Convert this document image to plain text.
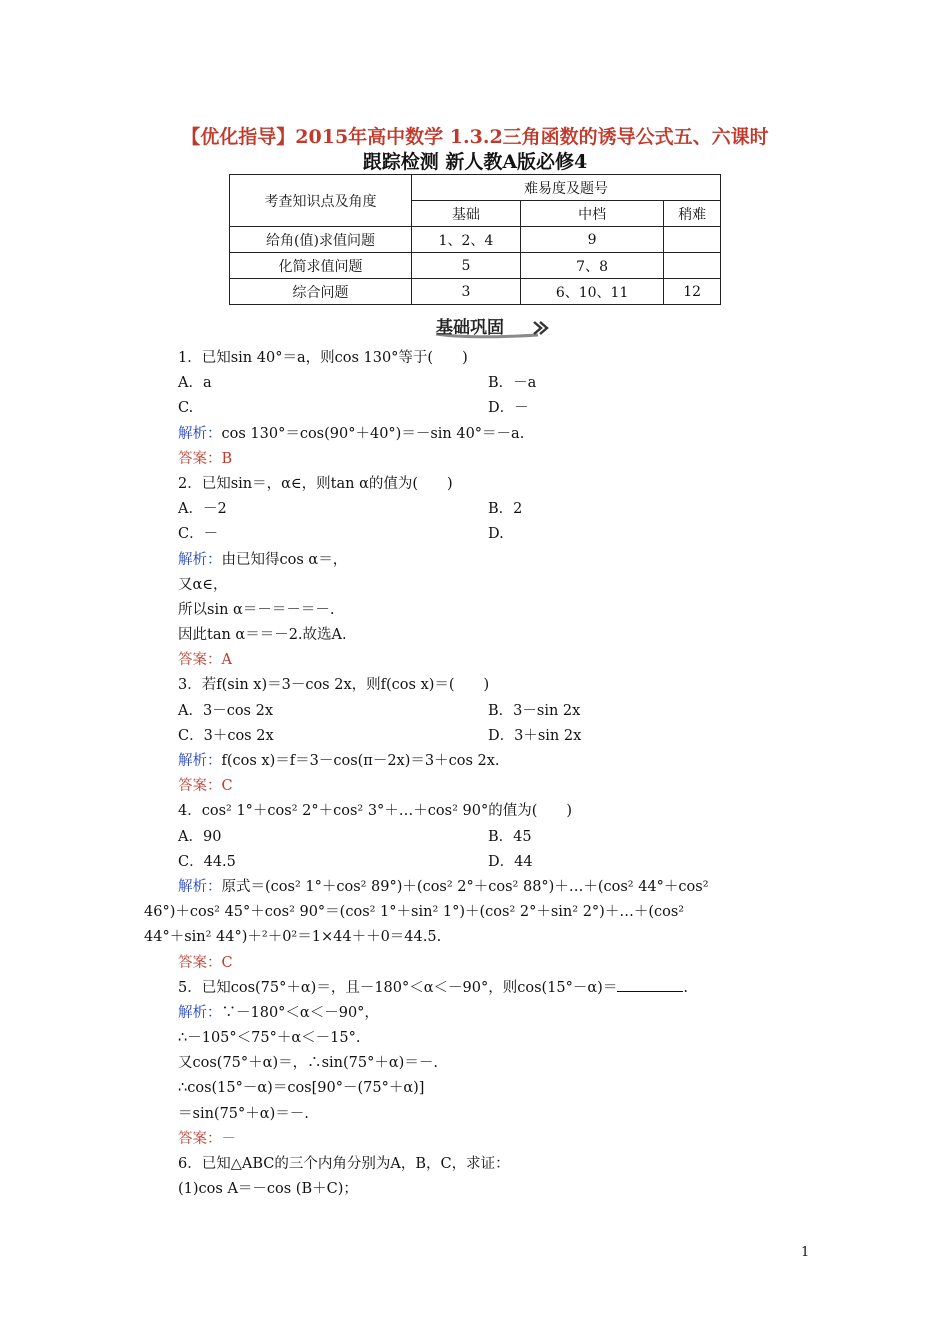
【优化指导】2015年高中数学 1.3.2三角函数的诱导公式五、六课时
跟踪检测 新人教A版必修4
考查知识点及角度	难易度及题号		
	基础	中档	稍难
给角(值)求值问题	1、2、4	9	
化简求值问题	5	7、8	
综合问题	3	6、10、11	12
基础巩固
1．已知sin 40°＝a，则cos 130°等于(　　)
A．a	B．－a
C.	D．－
解析：cos 130°＝cos(90°＋40°)＝－sin 40°＝－a.
答案：B
2．已知sin＝，α∈，则tan α的值为(　　)
A．－2	B．2
C．－	D.
解析：由已知得cos α＝，
又α∈，
所以sin α＝－＝－＝－.
因此tan α＝＝－2.故选A.
答案：A
3．若f(sin x)＝3－cos 2x，则f(cos x)＝(　　)
A．3－cos 2x	B．3－sin 2x
C．3＋cos 2x	D．3＋sin 2x
解析：f(cos x)＝f＝3－cos(π－2x)＝3＋cos 2x.
答案：C
4．cos² 1°＋cos² 2°＋cos² 3°＋…＋cos² 90°的值为(　　)
A．90	B．45
C．44.5	D．44
解析：原式＝(cos² 1°＋cos² 89°)＋(cos² 2°＋cos² 88°)＋…＋(cos² 44°＋cos²
46°)＋cos² 45°＋cos² 90°＝(cos² 1°＋sin² 1°)＋(cos² 2°＋sin² 2°)＋…＋(cos²
44°＋sin² 44°)＋²＋0²＝1×44＋＋0＝44.5.
答案：C
5．已知cos(75°＋α)＝，且－180°＜α＜－90°，则cos(15°－α)＝	.
解析：∵－180°＜α＜－90°，
∴－105°＜75°＋α＜－15°.
又cos(75°＋α)＝，∴sin(75°＋α)＝－.
∴cos(15°－α)＝cos[90°－(75°＋α)]
＝sin(75°＋α)＝－.
答案：－
6．已知△ABC的三个内角分别为A，B，C，求证：
(1)cos A＝－cos (B＋C)；
1
